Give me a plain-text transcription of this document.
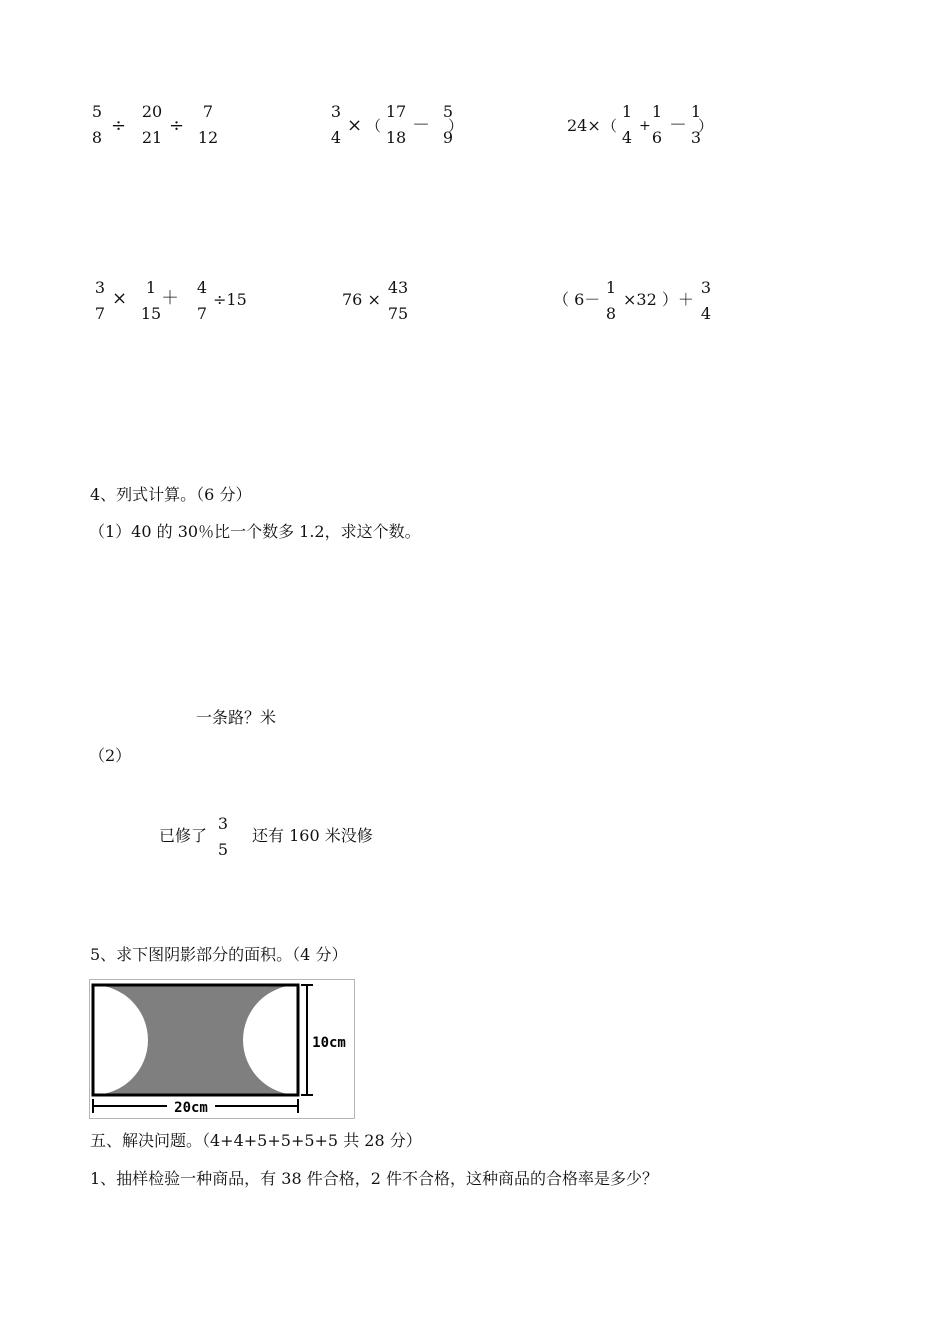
5
8
÷
20
21
÷
7
12
3
4
× （
17
18
－
5
9
）	24× （
1
4
+
1
6
－
1
3
）
3
7
×
1
15
＋
4
7
÷15	76 ×
43
75
（ 6－
1
8
×32 ）＋
3
4
4、列式计算。（6 分）
（1）40 的 30％比一个数多 1.2，求这个数。
一条路？米
（2）
已修了
3
5
还有 160 米没修
5、求下图阴影部分的面积。（4 分）
20cm
10cm
五、解决问题。（4+4+5+5+5+5 共 28 分）
1、抽样检验一种商品，有 38 件合格，2 件不合格，这种商品的合格率是多少？
